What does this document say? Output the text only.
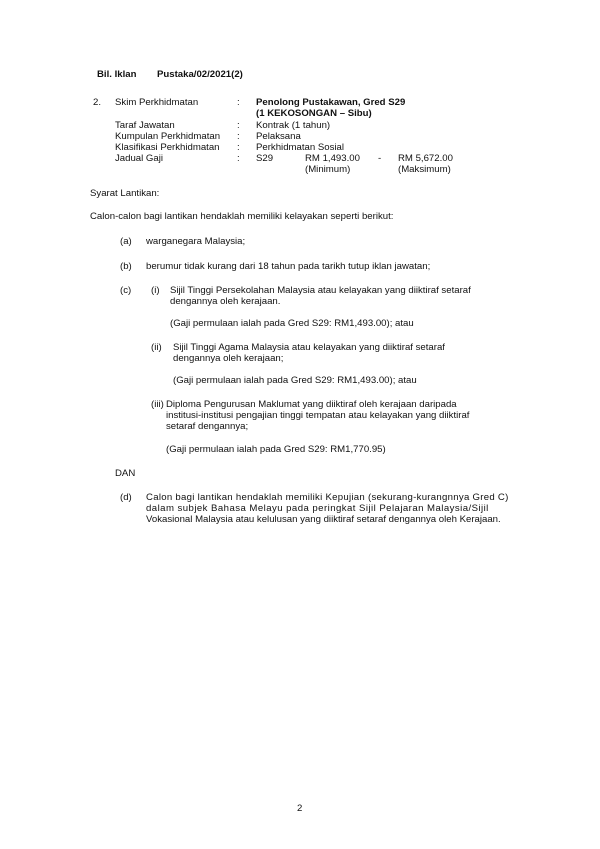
Bil. Iklan Pustaka/02/2021(2)
2. Skim Perkhidmatan	: Penolong Pustakawan, Gred S29
(1 KEKOSONGAN – Sibu)
Taraf Jawatan	: Kontrak (1 tahun)
Kumpulan Perkhidmatan : Pelaksana
Klasifikasi Perkhidmatan : Perkhidmatan Sosial
Jadual Gaji	: S29	RM 1,493.00 - RM 5,672.00
(Minimum)	(Maksimum)
Syarat Lantikan:
Calon-calon bagi lantikan hendaklah memiliki kelayakan seperti berikut:
(a) warganegara Malaysia;
(b) berumur tidak kurang dari 18 tahun pada tarikh tutup iklan jawatan;
(c) (i) Sijil Tinggi Persekolahan Malaysia atau kelayakan yang diiktiraf setaraf
dengannya oleh kerajaan.
(Gaji permulaan ialah pada Gred S29: RM1,493.00); atau
(ii) Sijil Tinggi Agama Malaysia atau kelayakan yang diiktiraf setaraf
dengannya oleh kerajaan;
(Gaji permulaan ialah pada Gred S29: RM1,493.00); atau
(iii) Diploma Pengurusan Maklumat yang diiktiraf oleh kerajaan daripada
institusi-institusi pengajian tinggi tempatan atau kelayakan yang diiktiraf
setaraf dengannya;
(Gaji permulaan ialah pada Gred S29: RM1,770.95)
DAN
(d) Calon bagi lantikan hendaklah memiliki Kepujian (sekurang-kurangnnya Gred C)
dalam subjek Bahasa Melayu pada peringkat Sijil Pelajaran Malaysia/Sijil
Vokasional Malaysia atau kelulusan yang diiktiraf setaraf dengannya oleh Kerajaan.
2
